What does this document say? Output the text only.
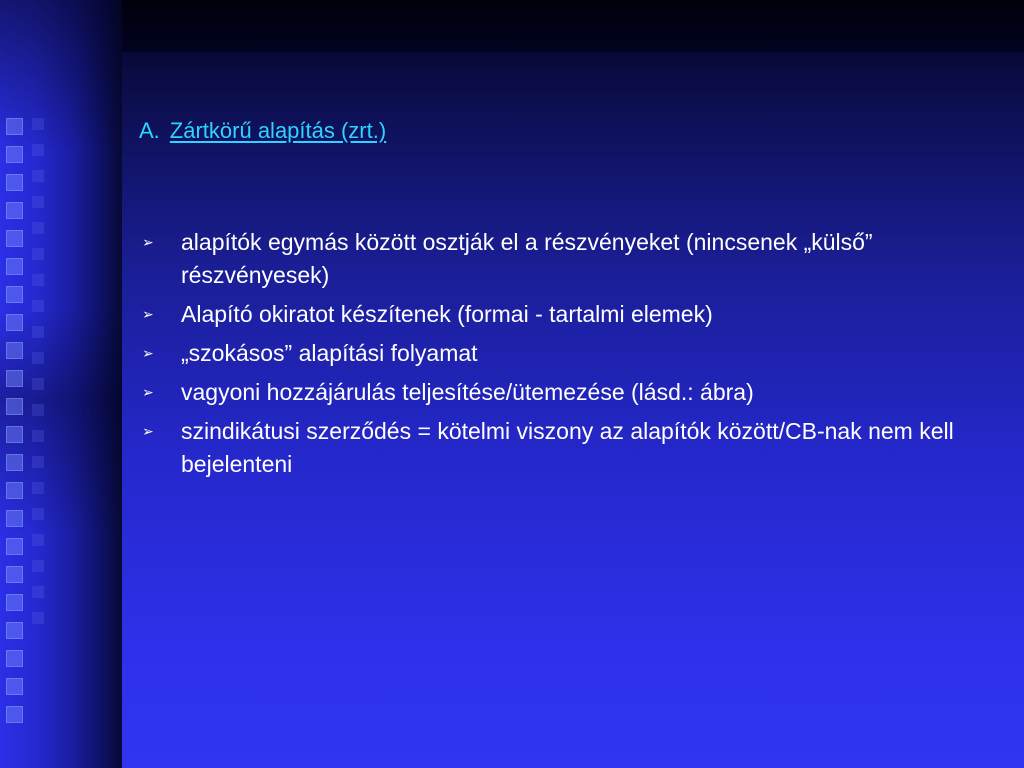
A. Zártkörű alapítás (zrt.)
➢ alapítók egymás között osztják el a részvényeket (nincsenek „külső” részvényesek)
➢ Alapító okiratot készítenek (formai - tartalmi elemek)
➢ „szokásos” alapítási folyamat
➢ vagyoni hozzájárulás teljesítése/ütemezése (lásd.: ábra)
➢ szindikátusi szerződés = kötelmi viszony az alapítók között/CB-nak nem kell bejelenteni
